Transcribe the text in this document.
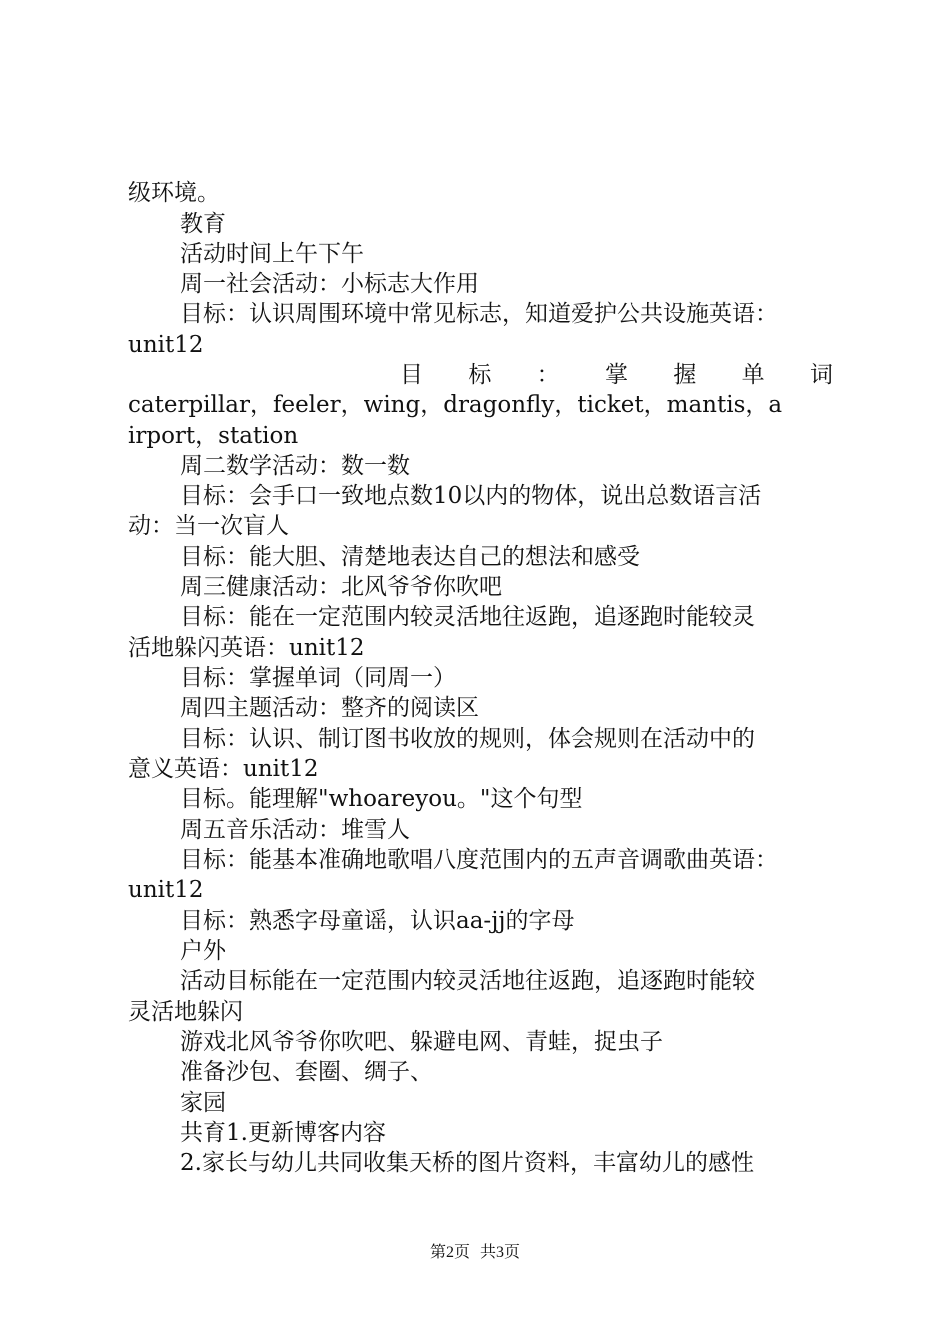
级环境。
教育
活动时间上午下午
周一社会活动：小标志大作用
目标：认识周围环境中常见标志，知道爱护公共设施英语：
unit12
目 标 ： 掌 握 单 词
caterpillar，feeler，wing，dragonfly，ticket，mantis，a
irport，station
周二数学活动：数一数
目标：会手口一致地点数10以内的物体，说出总数语言活
动：当一次盲人
目标：能大胆、清楚地表达自己的想法和感受
周三健康活动：北风爷爷你吹吧
目标：能在一定范围内较灵活地往返跑，追逐跑时能较灵
活地躲闪英语：unit12
目标：掌握单词（同周一）
周四主题活动：整齐的阅读区
目标：认识、制订图书收放的规则，体会规则在活动中的
意义英语：unit12
目标。能理解"whoareyou。"这个句型
周五音乐活动：堆雪人
目标：能基本准确地歌唱八度范围内的五声音调歌曲英语：
unit12
目标：熟悉字母童谣，认识aa-jj的字母
户外
活动目标能在一定范围内较灵活地往返跑，追逐跑时能较
灵活地躲闪
游戏北风爷爷你吹吧、躲避电网、青蛙，捉虫子
准备沙包、套圈、绸子、
家园
共育1.更新博客内容
2.家长与幼儿共同收集天桥的图片资料，丰富幼儿的感性
第2页 共3页
